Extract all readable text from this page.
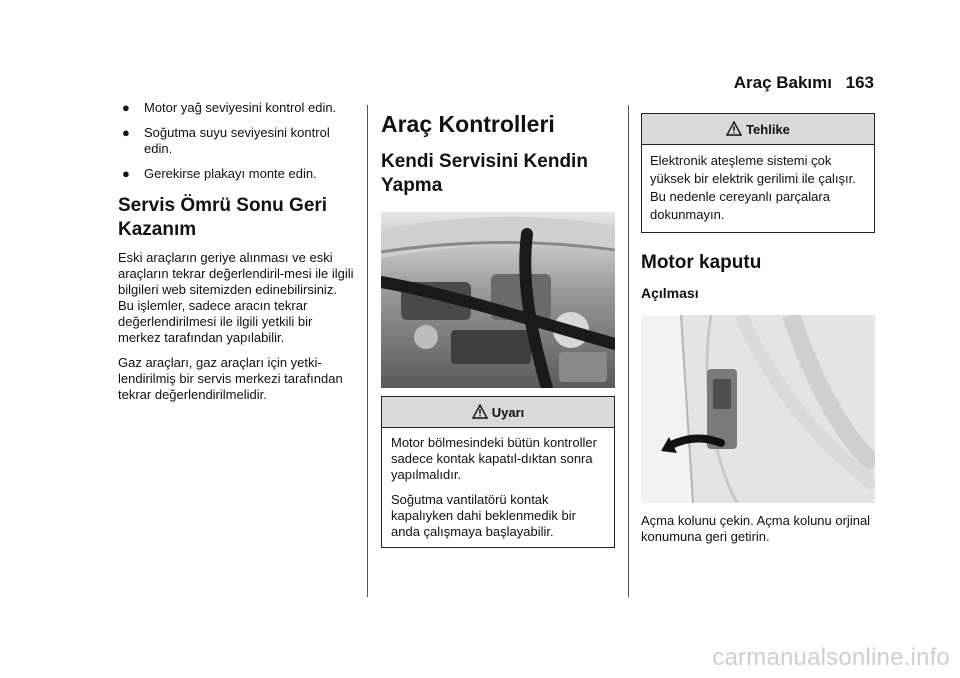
Araç Bakımı 163
● Motor yağ seviyesini kontrol edin.

● Soğutma suyu seviyesini kontrol edin.

● Gerekirse plakayı monte edin.

Servis Ömrü Sonu Geri Kazanım

Eski araçların geriye alınması ve eski araçların tekrar değerlendiril-mesi ile ilgili bilgileri web sitemizden edinebilirsiniz. Bu işlemler, sadece aracın tekrar değerlendirilmesi ile ilgili yetkili bir merkez tarafından yapılabilir.

Gaz araçları, gaz araçları için yetki-lendirilmiş bir servis merkezi tarafından tekrar değerlendirilmelidir.

Araç Kontrolleri
Kendi Servisini Kendin Yapma
Uyarı

Motor bölmesindeki bütün kontroller sadece kontak kapatıl-dıktan sonra yapılmalıdır.

Soğutma vantilatörü kontak kapalıyken dahi beklenmedik bir anda çalışmaya başlayabilir.

Tehlike

Elektronik ateşleme sistemi çok yüksek bir elektrik gerilimi ile çalışır. Bu nedenle cereyanlı parçalara dokunmayın.

Motor kaputu
Açılması

Açma kolunu çekin. Açma kolunu orjinal konumuna geri getirin.

carmanualsonline.info
